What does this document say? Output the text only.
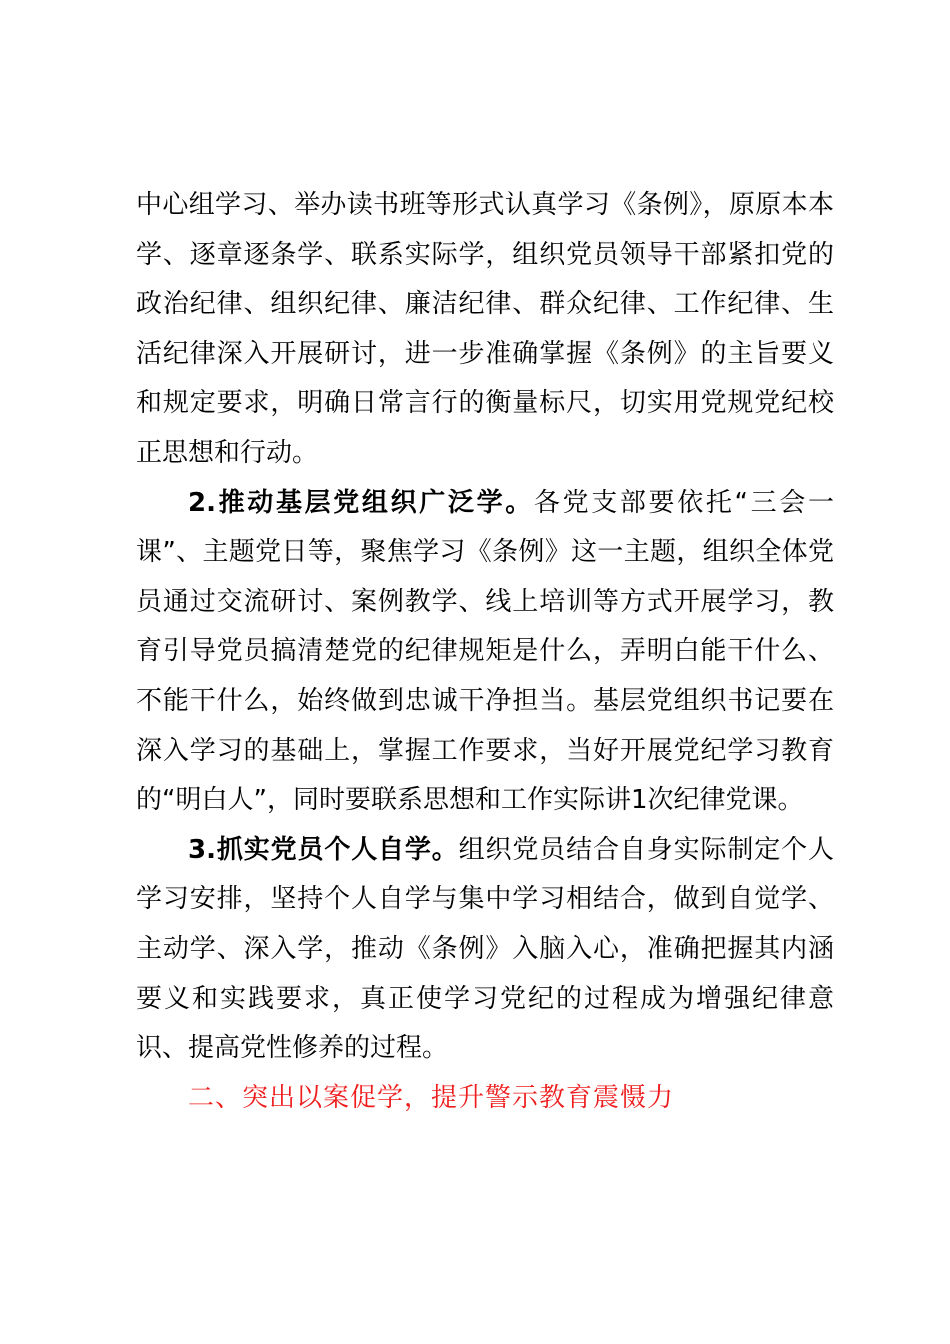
中心组学习、举办读书班等形式认真学习《条例》，原原本本学、逐章逐条学、联系实际学，组织党员领导干部紧扣党的政治纪律、组织纪律、廉洁纪律、群众纪律、工作纪律、生活纪律深入开展研讨，进一步准确掌握《条例》的主旨要义和规定要求，明确日常言行的衡量标尺，切实用党规党纪校正思想和行动。

2.推动基层党组织广泛学。各党支部要依托“三会一课”、主题党日等，聚焦学习《条例》这一主题，组织全体党员通过交流研讨、案例教学、线上培训等方式开展学习，教育引导党员搞清楚党的纪律规矩是什么，弄明白能干什么、不能干什么，始终做到忠诚干净担当。基层党组织书记要在深入学习的基础上，掌握工作要求，当好开展党纪学习教育的“明白人”，同时要联系思想和工作实际讲1次纪律党课。

3.抓实党员个人自学。组织党员结合自身实际制定个人学习安排，坚持个人自学与集中学习相结合，做到自觉学、主动学、深入学，推动《条例》入脑入心，准确把握其内涵要义和实践要求，真正使学习党纪的过程成为增强纪律意识、提高党性修养的过程。

二、突出以案促学，提升警示教育震慑力
